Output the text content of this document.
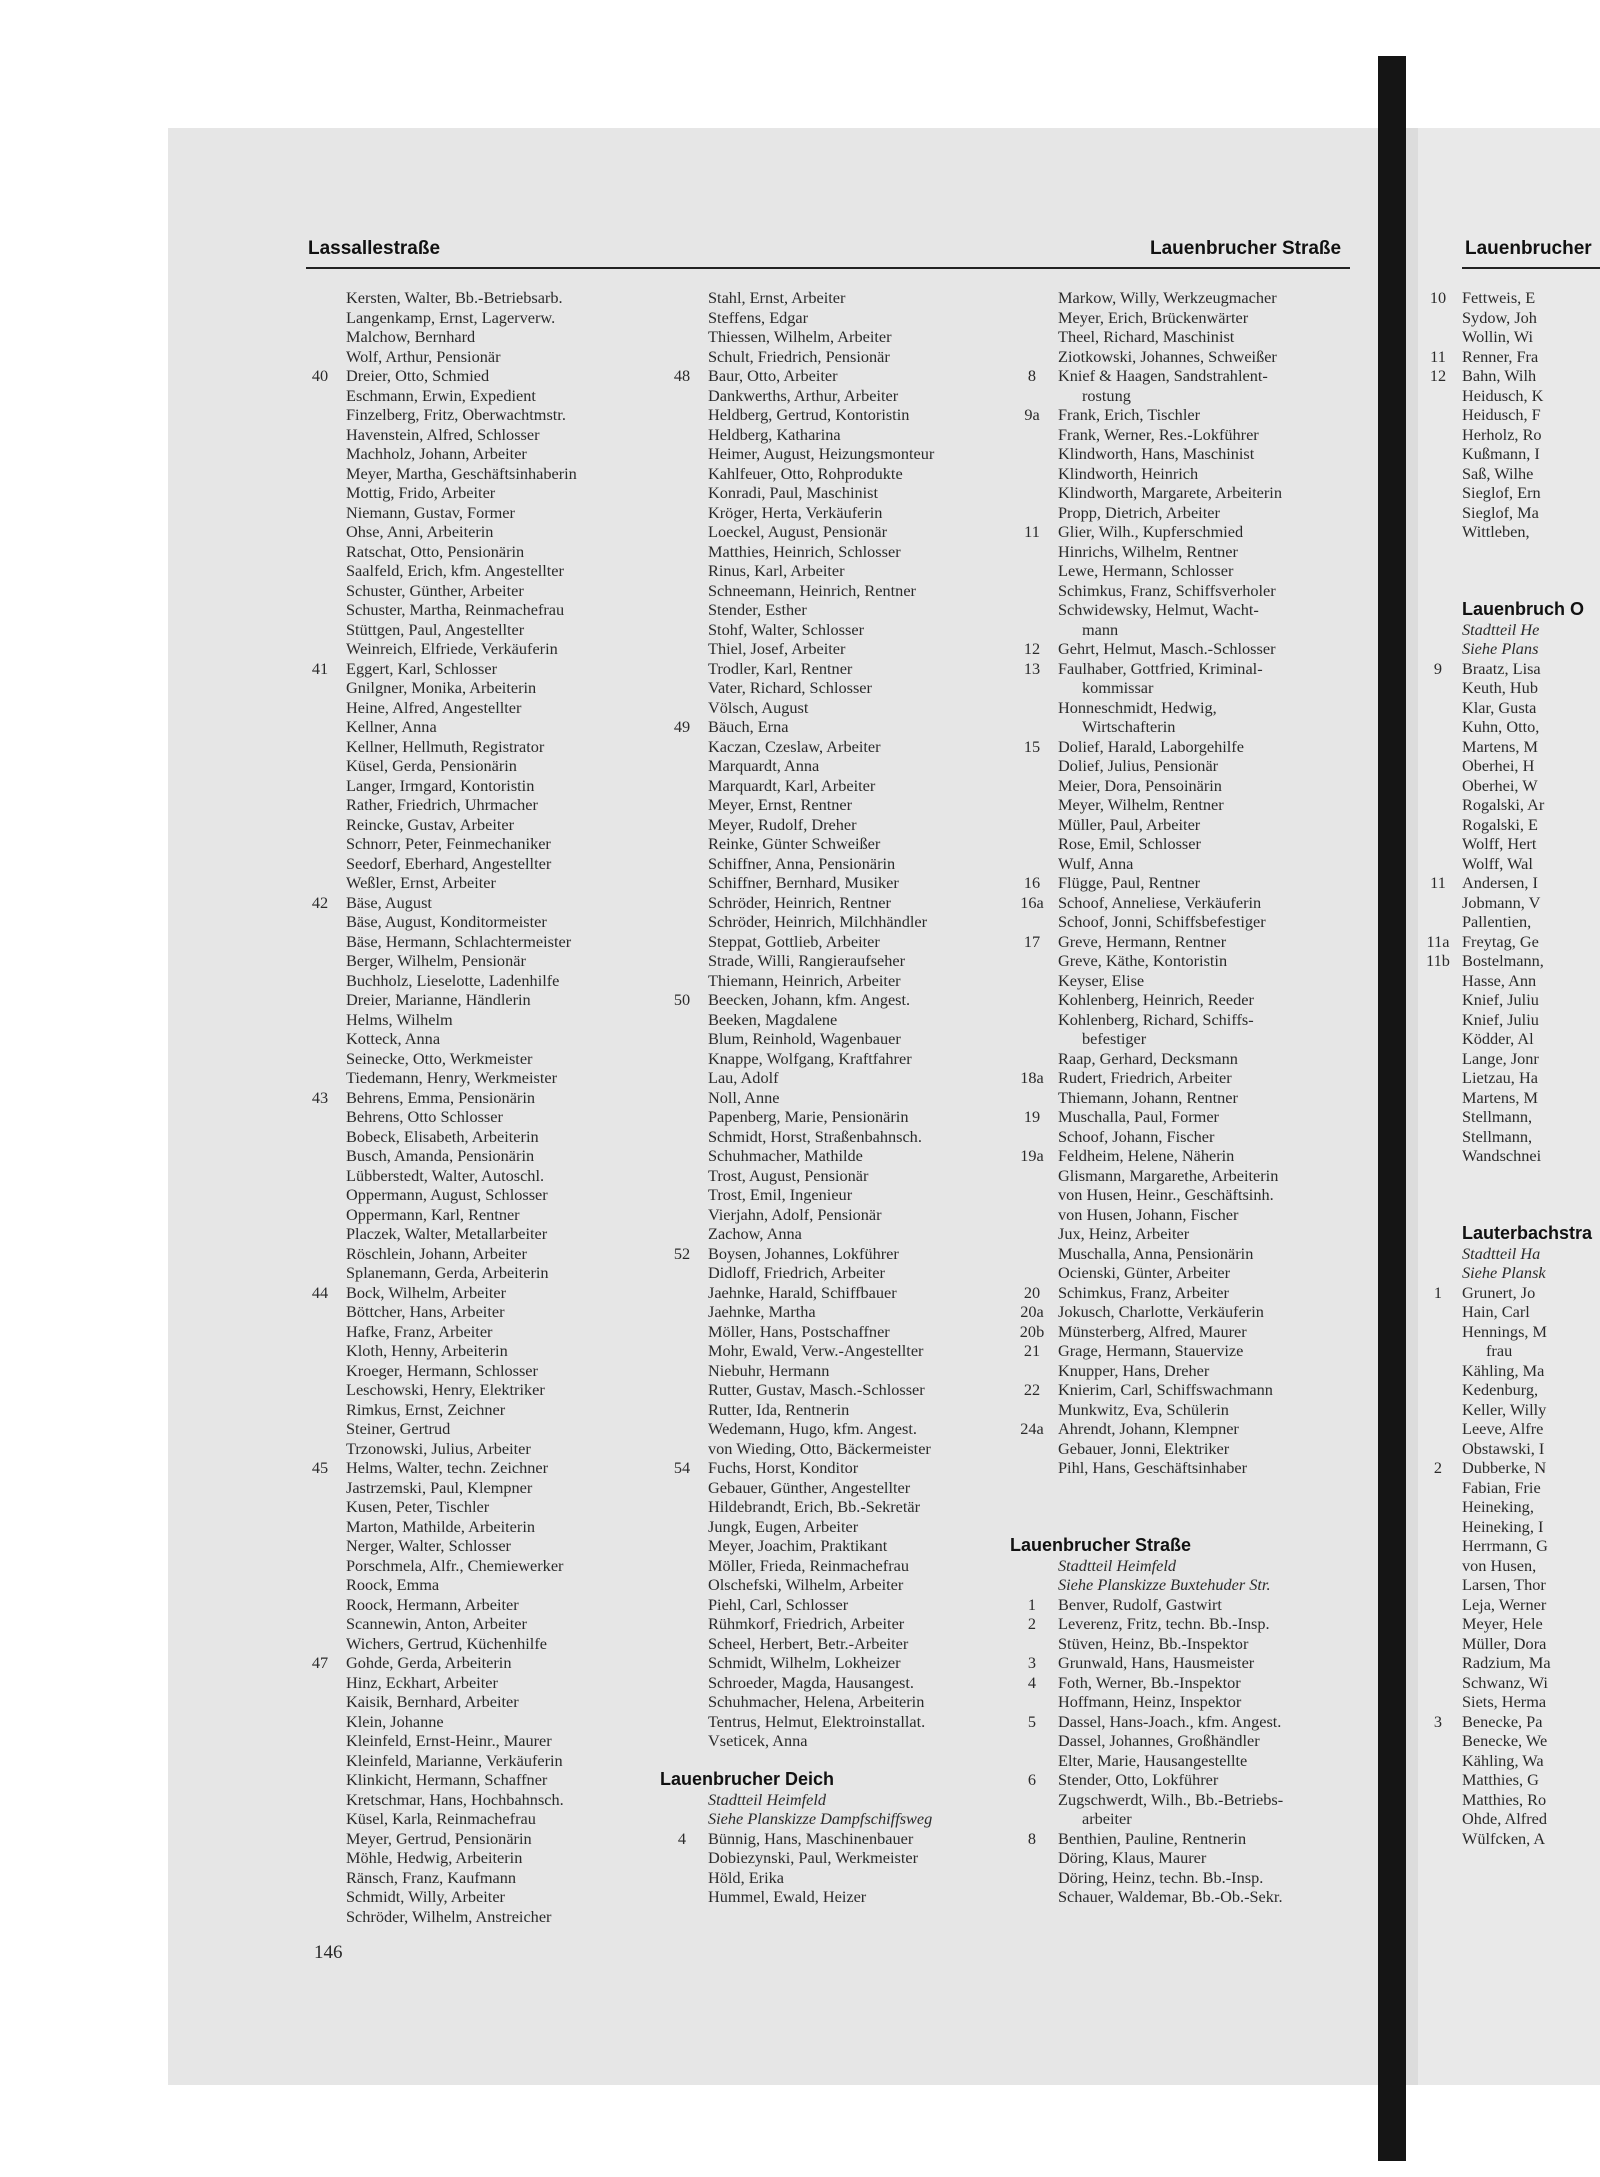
Lassallestraße	Lauenbrucher Straße	Lauenbrucher
Kersten, Walter, Bb.-Betriebsarb.
Langenkamp, Ernst, Lagerverw.
Malchow, Bernhard
Wolf, Arthur, Pensionär
40	Dreier, Otto, Schmied
Eschmann, Erwin, Expedient
Finzelberg, Fritz, Oberwachtmstr.
Havenstein, Alfred, Schlosser
Machholz, Johann, Arbeiter
Meyer, Martha, Geschäftsinhaberin
Mottig, Frido, Arbeiter
Niemann, Gustav, Former
Ohse, Anni, Arbeiterin
Ratschat, Otto, Pensionärin
Saalfeld, Erich, kfm. Angestellter
Schuster, Günther, Arbeiter
Schuster, Martha, Reinmachefrau
Stüttgen, Paul, Angestellter
Weinreich, Elfriede, Verkäuferin
41	Eggert, Karl, Schlosser
Gnilgner, Monika, Arbeiterin
Heine, Alfred, Angestellter
Kellner, Anna
Kellner, Hellmuth, Registrator
Küsel, Gerda, Pensionärin
Langer, Irmgard, Kontoristin
Rather, Friedrich, Uhrmacher
Reincke, Gustav, Arbeiter
Schnorr, Peter, Feinmechaniker
Seedorf, Eberhard, Angestellter
Weßler, Ernst, Arbeiter
42	Bäse, August
Bäse, August, Konditormeister
Bäse, Hermann, Schlachtermeister
Berger, Wilhelm, Pensionär
Buchholz, Lieselotte, Ladenhilfe
Dreier, Marianne, Händlerin
Helms, Wilhelm
Kotteck, Anna
Seinecke, Otto, Werkmeister
Tiedemann, Henry, Werkmeister
43	Behrens, Emma, Pensionärin
Behrens, Otto Schlosser
Bobeck, Elisabeth, Arbeiterin
Busch, Amanda, Pensionärin
Lübberstedt, Walter, Autoschl.
Oppermann, August, Schlosser
Oppermann, Karl, Rentner
Placzek, Walter, Metallarbeiter
Röschlein, Johann, Arbeiter
Splanemann, Gerda, Arbeiterin
44	Bock, Wilhelm, Arbeiter
Böttcher, Hans, Arbeiter
Hafke, Franz, Arbeiter
Kloth, Henny, Arbeiterin
Kroeger, Hermann, Schlosser
Leschowski, Henry, Elektriker
Rimkus, Ernst, Zeichner
Steiner, Gertrud
Trzonowski, Julius, Arbeiter
45	Helms, Walter, techn. Zeichner
Jastrzemski, Paul, Klempner
Kusen, Peter, Tischler
Marton, Mathilde, Arbeiterin
Nerger, Walter, Schlosser
Porschmela, Alfr., Chemiewerker
Roock, Emma
Roock, Hermann, Arbeiter
Scannewin, Anton, Arbeiter
Wichers, Gertrud, Küchenhilfe
47	Gohde, Gerda, Arbeiterin
Hinz, Eckhart, Arbeiter
Kaisik, Bernhard, Arbeiter
Klein, Johanne
Kleinfeld, Ernst-Heinr., Maurer
Kleinfeld, Marianne, Verkäuferin
Klinkicht, Hermann, Schaffner
Kretschmar, Hans, Hochbahnsch.
Küsel, Karla, Reinmachefrau
Meyer, Gertrud, Pensionärin
Möhle, Hedwig, Arbeiterin
Ränsch, Franz, Kaufmann
Schmidt, Willy, Arbeiter
Schröder, Wilhelm, Anstreicher
Stahl, Ernst, Arbeiter
Steffens, Edgar
Thiessen, Wilhelm, Arbeiter
Schult, Friedrich, Pensionär
48	Baur, Otto, Arbeiter
Dankwerths, Arthur, Arbeiter
Heldberg, Gertrud, Kontoristin
Heldberg, Katharina
Heimer, August, Heizungsmonteur
Kahlfeuer, Otto, Rohprodukte
Konradi, Paul, Maschinist
Kröger, Herta, Verkäuferin
Loeckel, August, Pensionär
Matthies, Heinrich, Schlosser
Rinus, Karl, Arbeiter
Schneemann, Heinrich, Rentner
Stender, Esther
Stohf, Walter, Schlosser
Thiel, Josef, Arbeiter
Trodler, Karl, Rentner
Vater, Richard, Schlosser
Völsch, August
49	Bäuch, Erna
Kaczan, Czeslaw, Arbeiter
Marquardt, Anna
Marquardt, Karl, Arbeiter
Meyer, Ernst, Rentner
Meyer, Rudolf, Dreher
Reinke, Günter Schweißer
Schiffner, Anna, Pensionärin
Schiffner, Bernhard, Musiker
Schröder, Heinrich, Rentner
Schröder, Heinrich, Milchhändler
Steppat, Gottlieb, Arbeiter
Strade, Willi, Rangieraufseher
Thiemann, Heinrich, Arbeiter
50	Beecken, Johann, kfm. Angest.
Beeken, Magdalene
Blum, Reinhold, Wagenbauer
Knappe, Wolfgang, Kraftfahrer
Lau, Adolf
Noll, Anne
Papenberg, Marie, Pensionärin
Schmidt, Horst, Straßenbahnsch.
Schuhmacher, Mathilde
Trost, August, Pensionär
Trost, Emil, Ingenieur
Vierjahn, Adolf, Pensionär
Zachow, Anna
52	Boysen, Johannes, Lokführer
Didloff, Friedrich, Arbeiter
Jaehnke, Harald, Schiffbauer
Jaehnke, Martha
Möller, Hans, Postschaffner
Mohr, Ewald, Verw.-Angestellter
Niebuhr, Hermann
Rutter, Gustav, Masch.-Schlosser
Rutter, Ida, Rentnerin
Wedemann, Hugo, kfm. Angest.
von Wieding, Otto, Bäckermeister
54	Fuchs, Horst, Konditor
Gebauer, Günther, Angestellter
Hildebrandt, Erich, Bb.-Sekretär
Jungk, Eugen, Arbeiter
Meyer, Joachim, Praktikant
Möller, Frieda, Reinmachefrau
Olschefski, Wilhelm, Arbeiter
Piehl, Carl, Schlosser
Rühmkorf, Friedrich, Arbeiter
Scheel, Herbert, Betr.-Arbeiter
Schmidt, Wilhelm, Lokheizer
Schroeder, Magda, Hausangest.
Schuhmacher, Helena, Arbeiterin
Tentrus, Helmut, Elektroinstallat.
Vseticek, Anna
Lauenbrucher Deich
Stadtteil Heimfeld
Siehe Planskizze Dampfschiffsweg
4	Bünnig, Hans, Maschinenbauer
Dobiezynski, Paul, Werkmeister
Höld, Erika
Hummel, Ewald, Heizer
Markow, Willy, Werkzeugmacher
Meyer, Erich, Brückenwärter
Theel, Richard, Maschinist
Ziotkowski, Johannes, Schweißer
8	Knief & Haagen, Sandstrahlent-
rostung
9a	Frank, Erich, Tischler
Frank, Werner, Res.-Lokführer
Klindworth, Hans, Maschinist
Klindworth, Heinrich
Klindworth, Margarete, Arbeiterin
Propp, Dietrich, Arbeiter
11	Glier, Wilh., Kupferschmied
Hinrichs, Wilhelm, Rentner
Lewe, Hermann, Schlosser
Schimkus, Franz, Schiffsverholer
Schwidewsky, Helmut, Wacht-
mann
12	Gehrt, Helmut, Masch.-Schlosser
13	Faulhaber, Gottfried, Kriminal-
kommissar
Honneschmidt, Hedwig,
Wirtschafterin
15	Dolief, Harald, Laborgehilfe
Dolief, Julius, Pensionär
Meier, Dora, Pensoinärin
Meyer, Wilhelm, Rentner
Müller, Paul, Arbeiter
Rose, Emil, Schlosser
Wulf, Anna
16	Flügge, Paul, Rentner
16a Schoof, Anneliese, Verkäuferin
Schoof, Jonni, Schiffsbefestiger
17	Greve, Hermann, Rentner
Greve, Käthe, Kontoristin
Keyser, Elise
Kohlenberg, Heinrich, Reeder
Kohlenberg, Richard, Schiffs-
befestiger
Raap, Gerhard, Decksmann
18a Rudert, Friedrich, Arbeiter
Thiemann, Johann, Rentner
19	Muschalla, Paul, Former
Schoof, Johann, Fischer
19a Feldheim, Helene, Näherin
Glismann, Margarethe, Arbeiterin
von Husen, Heinr., Geschäftsinh.
von Husen, Johann, Fischer
Jux, Heinz, Arbeiter
Muschalla, Anna, Pensionärin
Ocienski, Günter, Arbeiter
20	Schimkus, Franz, Arbeiter
20a Jokusch, Charlotte, Verkäuferin
20b Münsterberg, Alfred, Maurer
21	Grage, Hermann, Stauervize
Knupper, Hans, Dreher
22	Knierim, Carl, Schiffswachmann
Munkwitz, Eva, Schülerin
24a Ahrendt, Johann, Klempner
Gebauer, Jonni, Elektriker
Pihl, Hans, Geschäftsinhaber
Lauenbrucher Straße
Stadtteil Heimfeld
Siehe Planskizze Buxtehuder Str.
1	Benver, Rudolf, Gastwirt
2	Leverenz, Fritz, techn. Bb.-Insp.
Stüven, Heinz, Bb.-Inspektor
3	Grunwald, Hans, Hausmeister
4	Foth, Werner, Bb.-Inspektor
Hoffmann, Heinz, Inspektor
5	Dassel, Hans-Joach., kfm. Angest.
Dassel, Johannes, Großhändler
Elter, Marie, Hausangestellte
6	Stender, Otto, Lokführer
Zugschwerdt, Wilh., Bb.-Betriebs-
arbeiter
8	Benthien, Pauline, Rentnerin
Döring, Klaus, Maurer
Döring, Heinz, techn. Bb.-Insp.
Schauer, Waldemar, Bb.-Ob.-Sekr.
10 Fettweis, E
Sydow, Joh
Wollin, Wi
11 Renner, Fra
12 Bahn, Wilh
Heidusch, K
Heidusch, F
Herholz, Ro
Kußmann, I
Saß, Wilhe
Sieglof, Ern
Sieglof, Ma
Wittleben,
Lauenbruch O
Stadtteil He
Siehe Plans
9	Braatz, Lisa
Keuth, Hub
Klar, Gusta
Kuhn, Otto,
Martens, M
Oberhei, H
Oberhei, W
Rogalski, Ar
Rogalski, E
Wolff, Hert
Wolff, Wal
11 Andersen, I
Jobmann, V
Pallentien,
11a Freytag, Ge
11b Bostelmann,
Hasse, Ann
Knief, Juliu
Knief, Juliu
Ködder, Al
Lange, Jonr
Lietzau, Ha
Martens, M
Stellmann,
Stellmann,
Wandschnei
Lauterbachstra
Stadtteil Ha
Siehe Plansk
1	Grunert, Jo
Hain, Carl
Hennings, M
frau
Kähling, Ma
Kedenburg,
Keller, Willy
Leeve, Alfre
Obstawski, I
2	Dubberke, N
Fabian, Frie
Heineking,
Heineking, I
Herrmann, G
von Husen,
Larsen, Thor
Leja, Werner
Meyer, Hele
Müller, Dora
Radzium, Ma
Schwanz, Wi
Siets, Herma
3	Benecke, Pa
Benecke, We
Kähling, Wa
Matthies, G
Matthies, Ro
Ohde, Alfred
Wülfcken, A
146
